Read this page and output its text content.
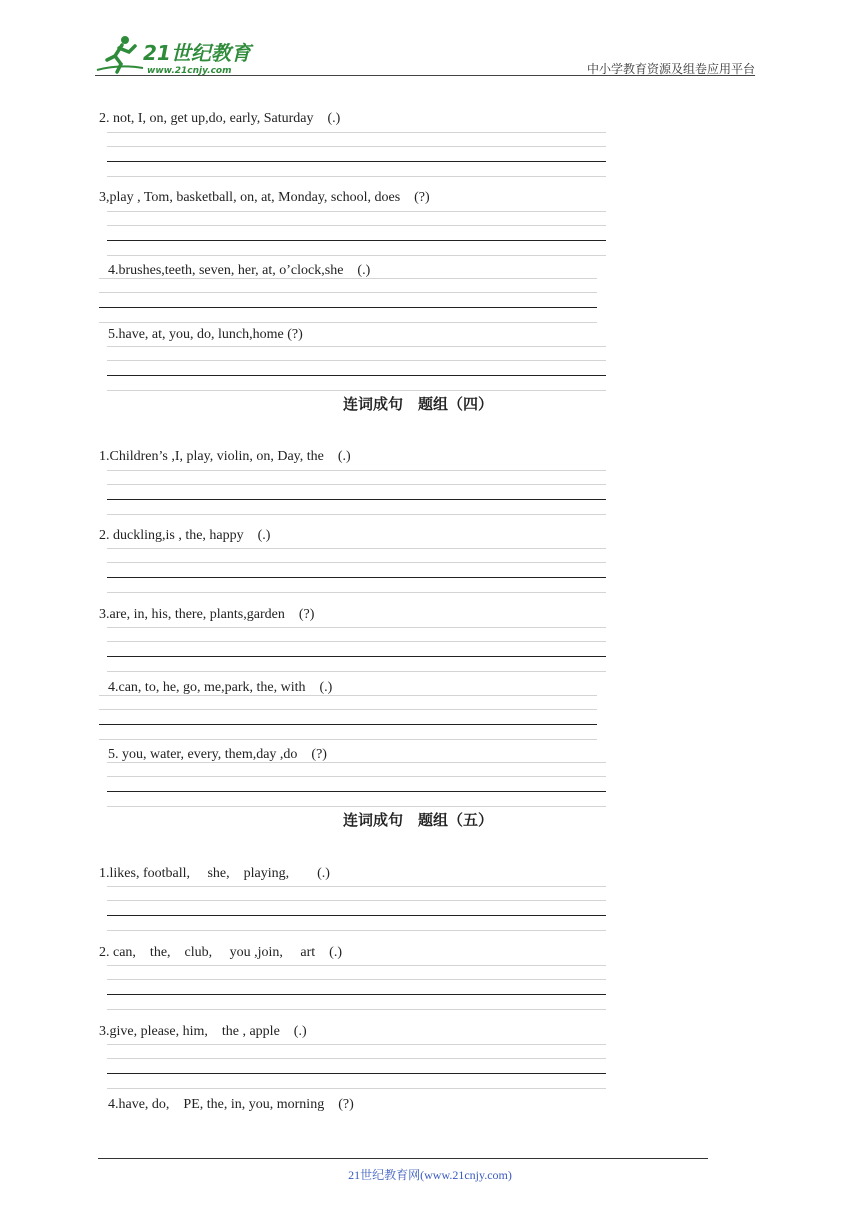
21世纪教育
www.21cnjy.com	中小学教育资源及组卷应用平台
2. not, I, on, get up,do, early, Saturday　(.)
3,play , Tom, basketball, on, at, Monday, school, does　(?)
4.brushes,teeth, seven, her, at, o’clock,she　(.)
5.have, at, you, do, lunch,home (?)
连词成句　题组（四）
1.Children’s ,I, play, violin, on, Day, the　(.)
2. duckling,is , the, happy　(.)
3.are, in, his, there, plants,garden　(?)
4.can, to, he, go, me,park, the, with　(.)
5. you, water, every, them,day ,do　(?)
连词成句　题组（五）
1.likes, football,　 she,　playing,　　(.)
2. can,　the,　club,　 you ,join,　 art　(.)
3.give, please, him,　the , apple　(.)
4.have, do,　PE, the, in, you, morning　(?)
21世纪教育网(www.21cnjy.com)
